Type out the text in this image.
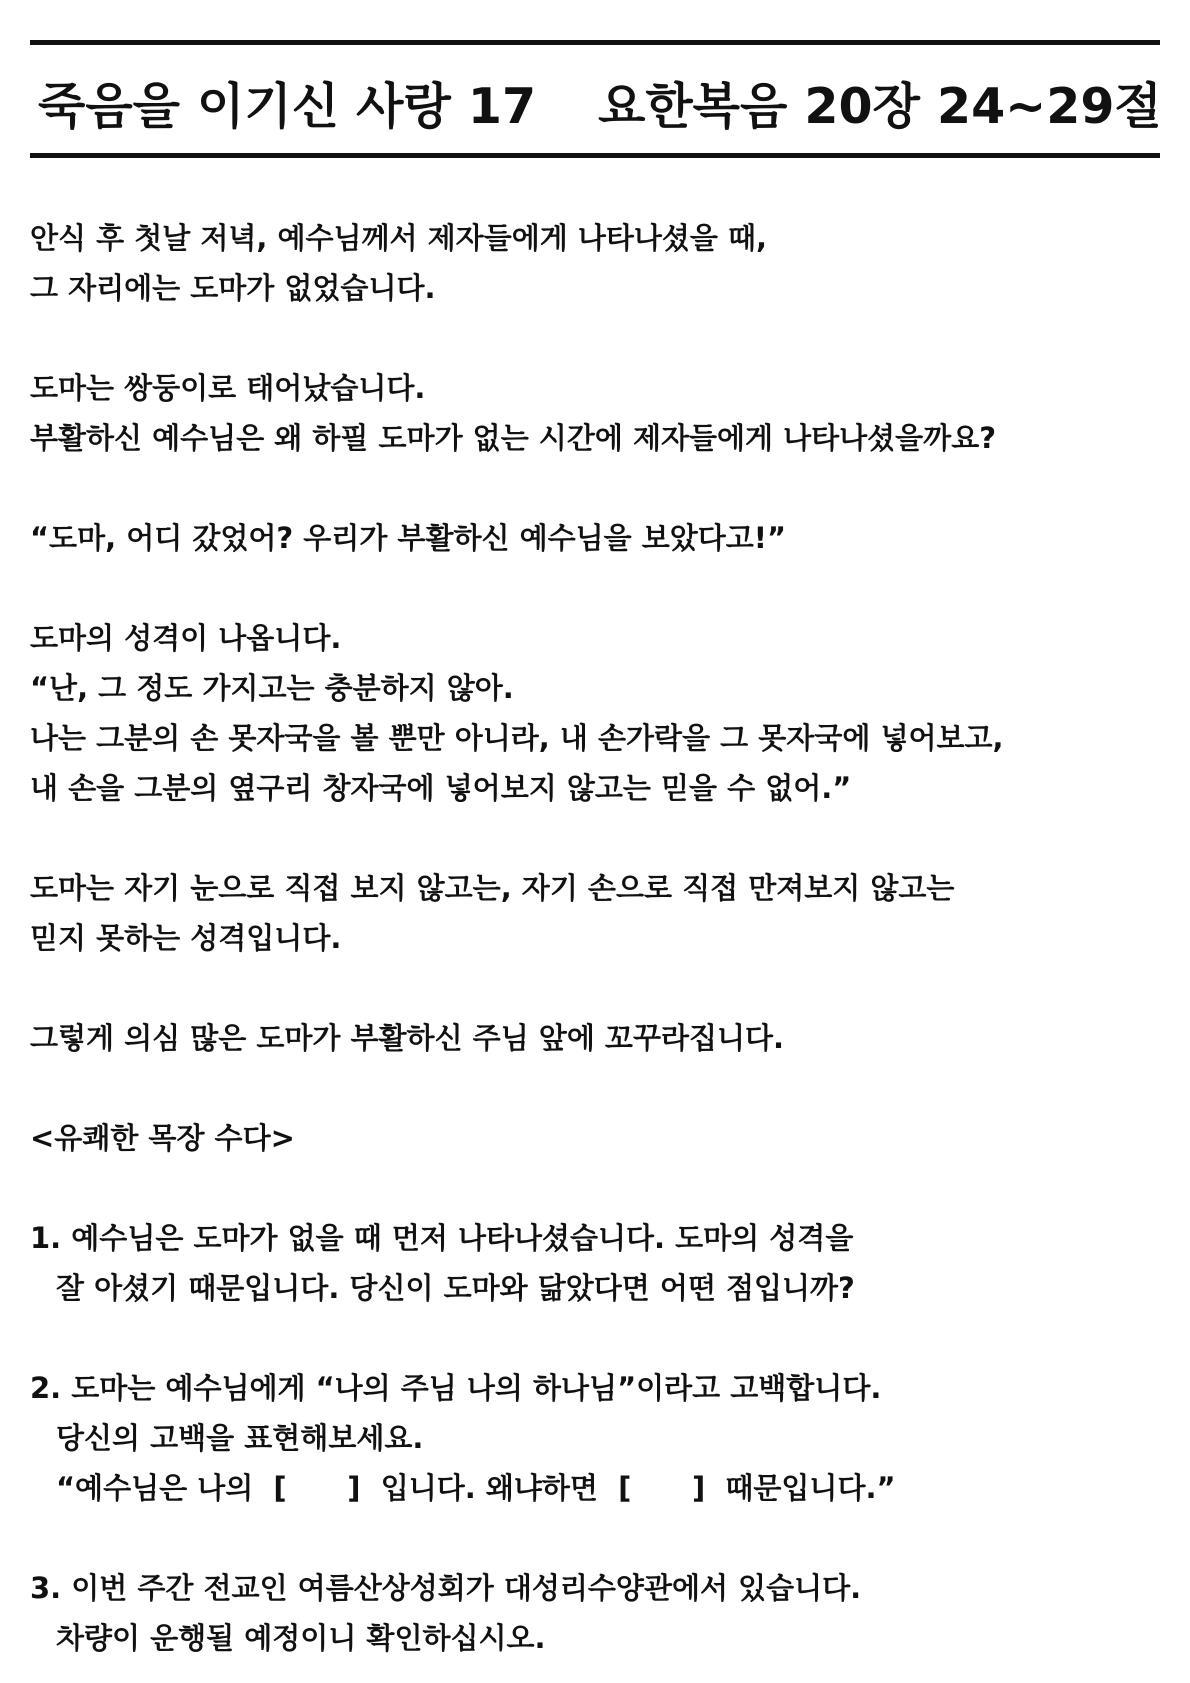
죽음을 이기신 사랑 17 요한복음 20장 24~29절
안식 후 첫날 저녁, 예수님께서 제자들에게 나타나셨을 때,
그 자리에는 도마가 없었습니다.
도마는 쌍둥이로 태어났습니다.
부활하신 예수님은 왜 하필 도마가 없는 시간에 제자들에게 나타나셨을까요?
“도마, 어디 갔었어? 우리가 부활하신 예수님을 보았다고!”
도마의 성격이 나옵니다.
“난, 그 정도 가지고는 충분하지 않아.
나는 그분의 손 못자국을 볼 뿐만 아니라, 내 손가락을 그 못자국에 넣어보고,
내 손을 그분의 옆구리 창자국에 넣어보지 않고는 믿을 수 없어.”
도마는 자기 눈으로 직접 보지 않고는, 자기 손으로 직접 만져보지 않고는
믿지 못하는 성격입니다.
그렇게 의심 많은 도마가 부활하신 주님 앞에 꼬꾸라집니다.
<유쾌한 목장 수다>
1. 예수님은 도마가 없을 때 먼저 나타나셨습니다. 도마의 성격을
잘 아셨기 때문입니다. 당신이 도마와 닮았다면 어떤 점입니까?
2. 도마는 예수님에게 “나의 주님 나의 하나님”이라고 고백합니다.
당신의 고백을 표현해보세요.
“예수님은 나의  [      ]  입니다. 왜냐하면  [      ]  때문입니다.”
3. 이번 주간 전교인 여름산상성회가 대성리수양관에서 있습니다.
차량이 운행될 예정이니 확인하십시오.
